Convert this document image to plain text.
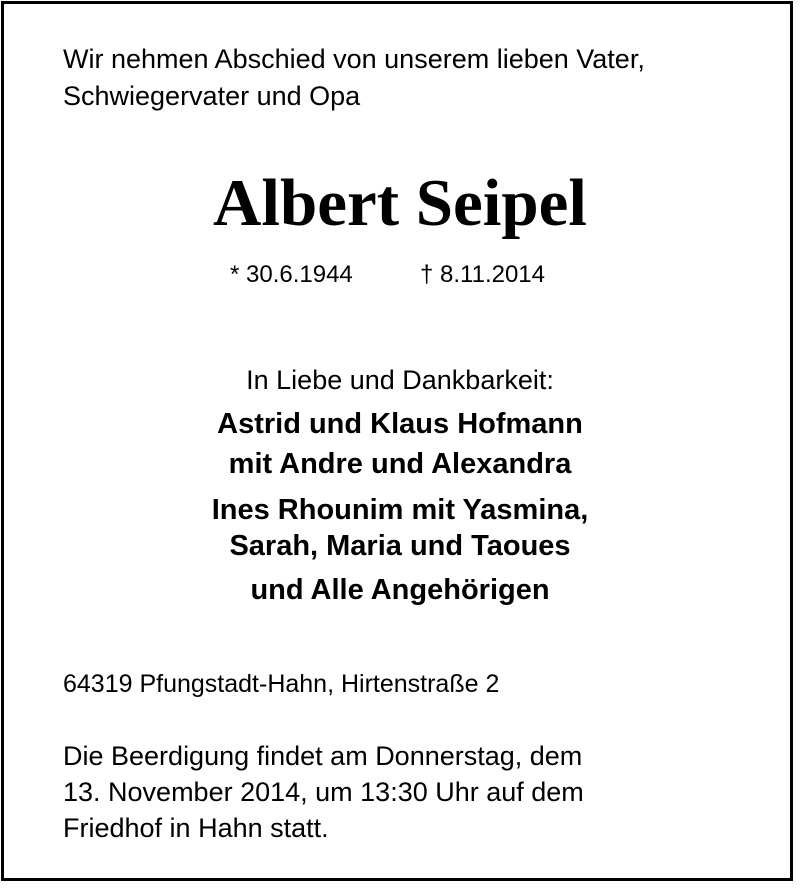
Wir nehmen Abschied von unserem lieben Vater,
Schwiegervater und Opa
Albert Seipel
* 30.6.1944	† 8.11.2014
In Liebe und Dankbarkeit:
Astrid und Klaus Hofmann
mit Andre und Alexandra
Ines Rhounim mit Yasmina,
Sarah, Maria und Taoues
und Alle Angehörigen
64319 Pfungstadt-Hahn, Hirtenstraße 2
Die Beerdigung findet am Donnerstag, dem
13. November 2014, um 13:30 Uhr auf dem
Friedhof in Hahn statt.
